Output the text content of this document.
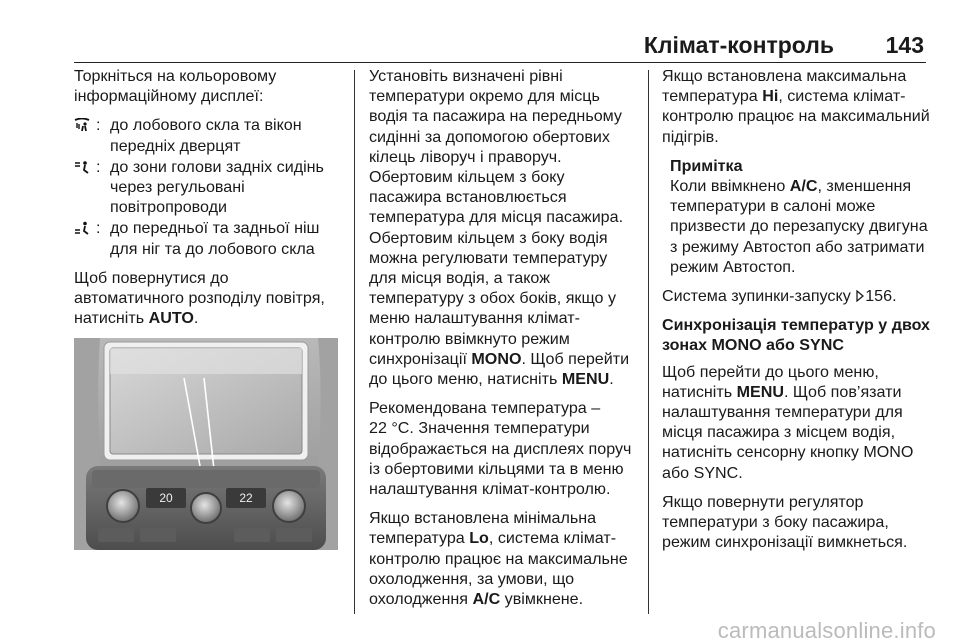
Клімат-контроль 143

Торкніться на кольоровому
інформаційному дисплеї:

: до лобового скла та вікон
передніх дверцят
: до зони голови задніх сидінь
через регульовані
повітропроводи
: до передньої та задньої ніш
для ніг та до лобового скла

Щоб повернутися до
автоматичного розподілу повітря,
натисніть AUTO.

20	22

Установіть визначені рівні
температури окремо для місць
водія та пасажира на передньому
сидінні за допомогою обертових
кілець ліворуч і праворуч.
Обертовим кільцем з боку
пасажира встановлюється
температура для місця пасажира.
Обертовим кільцем з боку водія
можна регулювати температуру
для місця водія, а також
температуру з обох боків, якщо у
меню налаштування клімат-
контролю ввімкнуто режим
синхронізації MONO. Щоб перейти
до цього меню, натисніть MENU.

Рекомендована температура –
22 °C. Значення температури
відображається на дисплеях поруч
із обертовими кільцями та в меню
налаштування клімат-контролю.

Якщо встановлена мінімальна
температура Lo, система клімат-
контролю працює на максимальне
охолодження, за умови, що
охолодження A/C увімкнене.

Якщо встановлена максимальна
температура Hi, система клімат-
контролю працює на максимальний
підігрів.

Примітка
Коли ввімкнено A/C, зменшення
температури в салоні може
призвести до перезапуску двигуна
з режиму Автостоп або затримати
режим Автостоп.

Система зупинки-запуску 156.

Синхронізація температур у двох
зонах MONO або SYNC

Щоб перейти до цього меню,
натисніть MENU. Щоб пов’язати
налаштування температури для
місця пасажира з місцем водія,
натисніть сенсорну кнопку MONO
або SYNC.

Якщо повернути регулятор
температури з боку пасажира,
режим синхронізації вимкнеться.

carmanualsonline.info
